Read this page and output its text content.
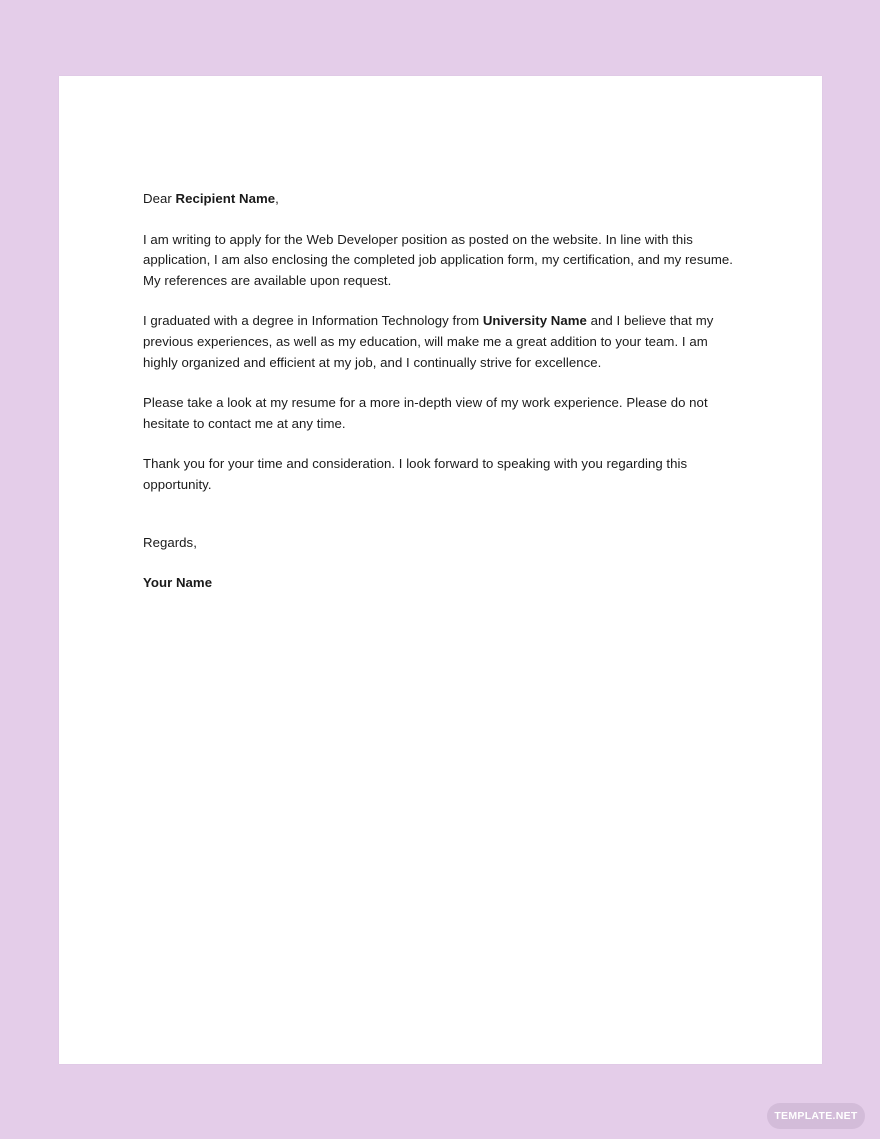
Dear Recipient Name,

I am writing to apply for the Web Developer position as posted on the website. In line with this application, I am also enclosing the completed job application form, my certification, and my resume. My references are available upon request.

I graduated with a degree in Information Technology from University Name and I believe that my previous experiences, as well as my education, will make me a great addition to your team. I am highly organized and efficient at my job, and I continually strive for excellence.

Please take a look at my resume for a more in-depth view of my work experience. Please do not hesitate to contact me at any time.

Thank you for your time and consideration. I look forward to speaking with you regarding this opportunity.

Regards,

Your Name

TEMPLATE.NET
